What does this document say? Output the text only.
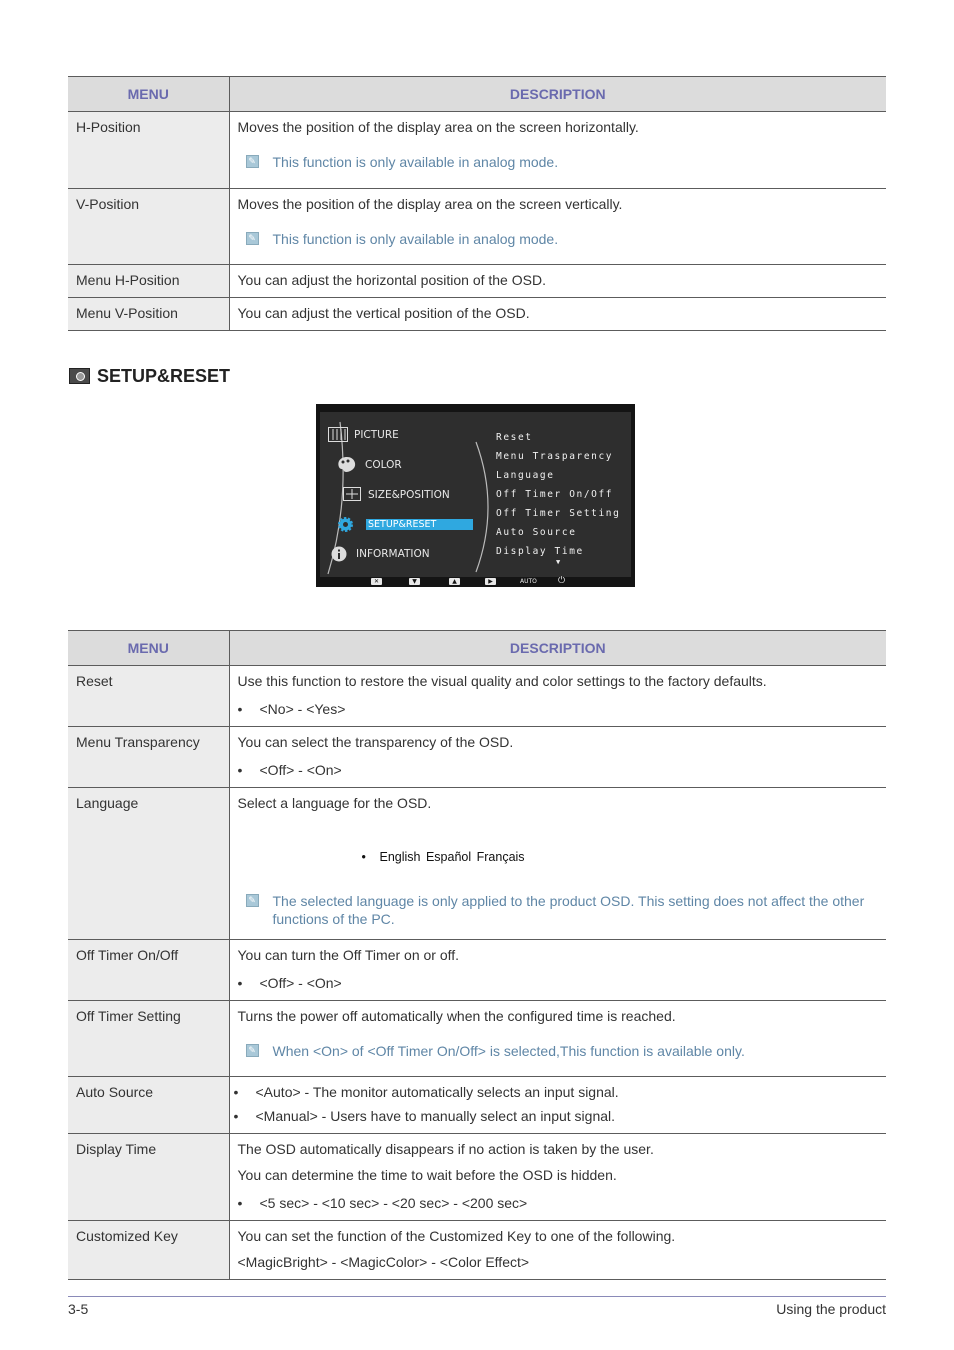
MENU	DESCRIPTION
H-Position	Moves the position of the display area on the screen horizontally.

✎ This function is only available in analog mode.

V-Position	Moves the position of the display area on the screen vertically.

✎ This function is only available in analog mode.

Menu H-Position	You can adjust the horizontal position of the OSD.
Menu V-Position	You can adjust the vertical position of the OSD.
SETUP&RESET
PICTURE
COLOR
SIZE&POSITION
SETUP&RESET
INFORMATION
Reset
Menu Trasparency
Language
Off Timer On/Off
Off Timer Setting
Auto Source
Display Time
▼
✕	▼	▲	▶	AUTO ⏻
MENU	DESCRIPTION
Reset	Use this function to restore the visual quality and color settings to the factory defaults.

• <No> - <Yes>

Menu Transparency	You can select the transparency of the OSD.

• <Off> - <On>

Language	Select a language for the OSD.

• English Español Français
✎ The selected language is only applied to the product OSD. This setting does not affect the other functions of the PC.

Off Timer On/Off	You can turn the Off Timer on or off.

• <Off> - <On>

Off Timer Setting	Turns the power off automatically when the configured time is reached.

✎ When <On> of <Off Timer On/Off> is selected,This function is available only.

Auto Source	• <Auto> - The monitor automatically selects an input signal.
• <Manual> - Users have to manually select an input signal.

Display Time	The OSD automatically disappears if no action is taken by the user.

You can determine the time to wait before the OSD is hidden.

• <5 sec> - <10 sec> - <20 sec> - <200 sec>

Customized Key	You can set the function of the Customized Key to one of the following.

<MagicBright> - <MagicColor> - <Color Effect>

3-5	Using the product
